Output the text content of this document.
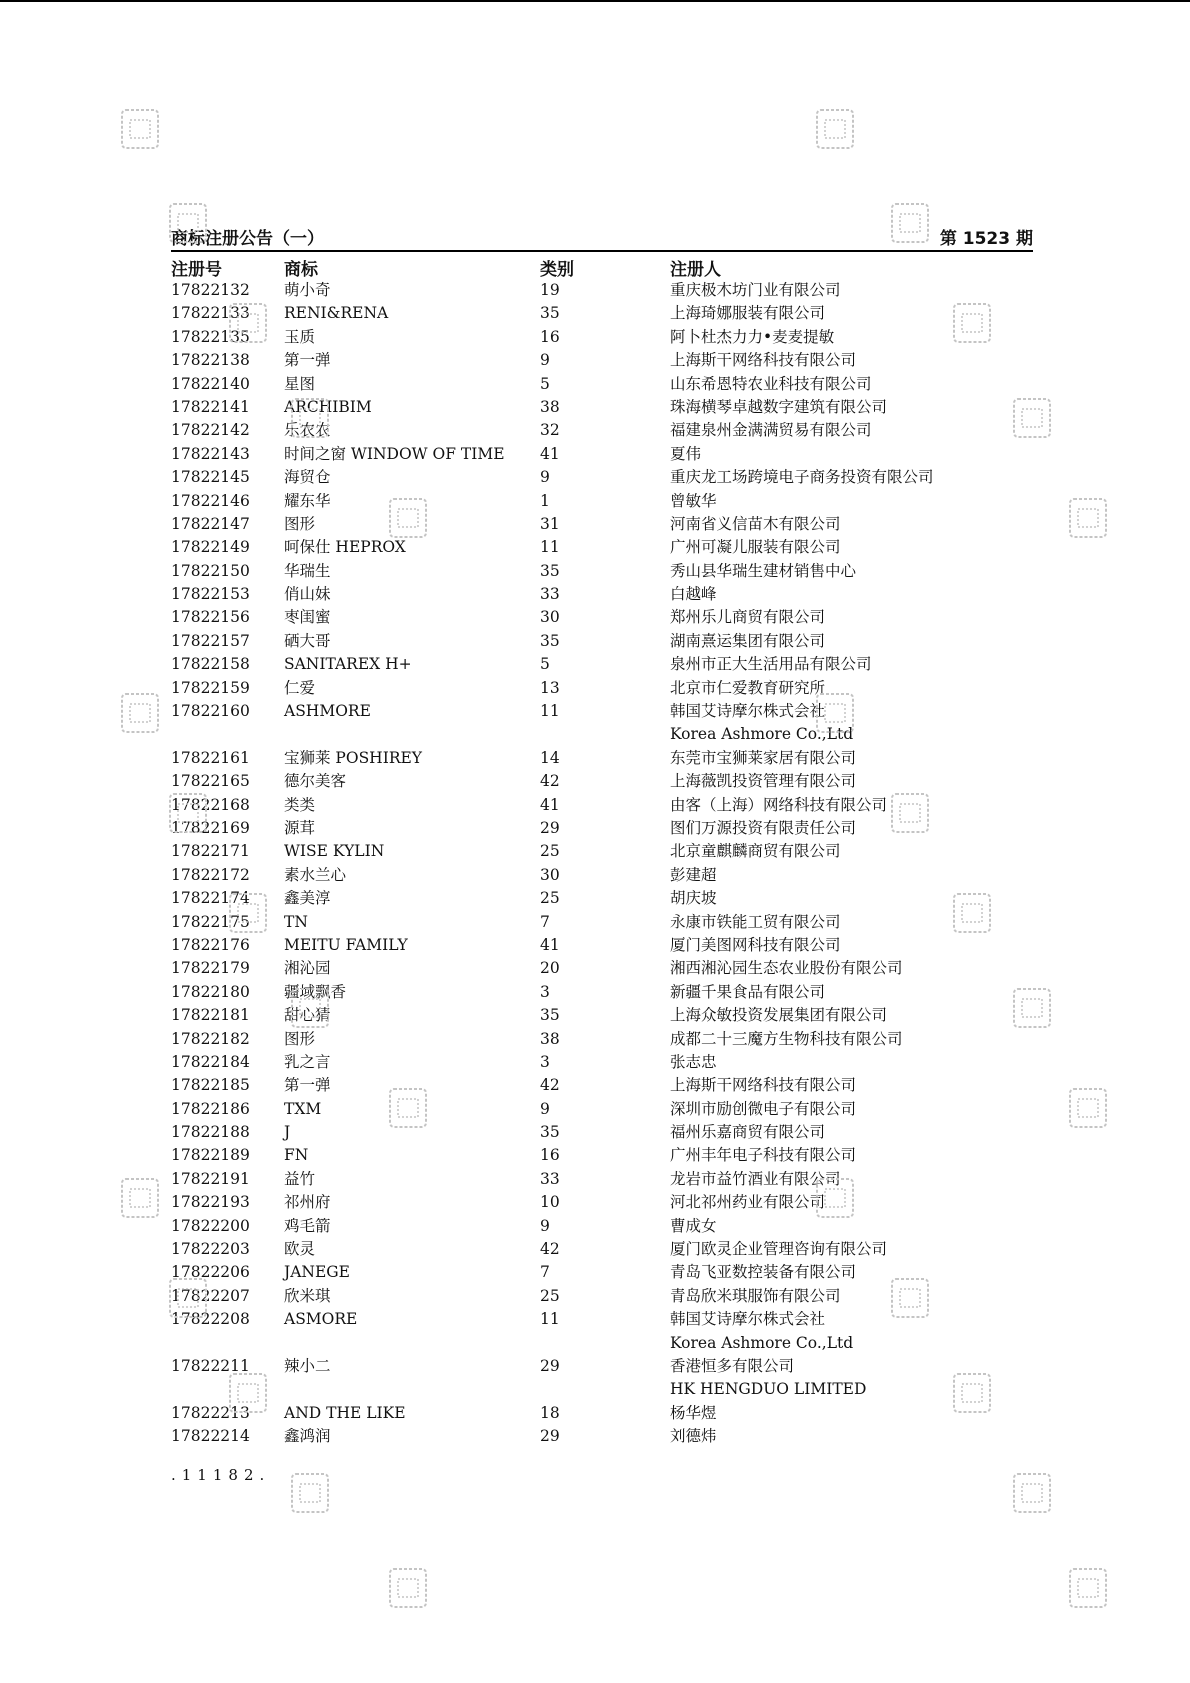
商标注册公告（一）	第 1523 期
注册号	商标	类别	注册人
17822132 萌小奇	19	重庆极木坊门业有限公司
17822133 RENI&RENA	35	上海琦娜服装有限公司
17822135 玉质	16	阿卜杜杰力力•麦麦提敏
17822138 第一弹	9	上海斯干网络科技有限公司
17822140 星图	5	山东希恩特农业科技有限公司
17822141 ARCHIBIM	38	珠海横琴卓越数字建筑有限公司
17822142 乐农农	32	福建泉州金满满贸易有限公司
17822143 时间之窗 WINDOW OF TIME 41	夏伟
17822145 海贸仓	9	重庆龙工场跨境电子商务投资有限公司
17822146 耀东华	1	曾敏华
17822147 图形	31	河南省义信苗木有限公司
17822149 呵保仕 HEPROX	11	广州可凝儿服装有限公司
17822150 华瑞生	35	秀山县华瑞生建材销售中心
17822153 俏山妹	33	白越峰
17822156 枣闺蜜	30	郑州乐儿商贸有限公司
17822157 硒大哥	35	湖南熹运集团有限公司
17822158 SANITAREX H+	5	泉州市正大生活用品有限公司
17822159 仁爱	13	北京市仁爱教育研究所
17822160 ASHMORE	11	韩国艾诗摩尔株式会社
Korea Ashmore Co.,Ltd
17822161 宝狮莱 POSHIREY	14	东莞市宝狮莱家居有限公司
17822165 德尔美客	42	上海薇凯投资管理有限公司
17822168 类类	41	由客（上海）网络科技有限公司
17822169 源茸	29	图们万源投资有限责任公司
17822171 WISE KYLIN	25	北京童麒麟商贸有限公司
17822172 素水兰心	30	彭建超
17822174 鑫美淳	25	胡庆坡
17822175 TN	7	永康市铁能工贸有限公司
17822176 MEITU FAMILY	41	厦门美图网科技有限公司
17822179 湘沁园	20	湘西湘沁园生态农业股份有限公司
17822180 疆域飘香	3	新疆千果食品有限公司
17822181 甜心猜	35	上海众敏投资发展集团有限公司
17822182 图形	38	成都二十三魔方生物科技有限公司
17822184 乳之言	3	张志忠
17822185 第一弹	42	上海斯干网络科技有限公司
17822186 TXM	9	深圳市励创微电子有限公司
17822188 J	35	福州乐嘉商贸有限公司
17822189 FN	16	广州丰年电子科技有限公司
17822191 益竹	33	龙岩市益竹酒业有限公司
17822193 祁州府	10	河北祁州药业有限公司
17822200 鸡毛箭	9	曹成女
17822203 欧灵	42	厦门欧灵企业管理咨询有限公司
17822206 JANEGE	7	青岛飞亚数控装备有限公司
17822207 欣米琪	25	青岛欣米琪服饰有限公司
17822208 ASMORE	11	韩国艾诗摩尔株式会社
Korea Ashmore Co.,Ltd
17822211 辣小二	29	香港恒多有限公司
HK HENGDUO LIMITED
17822213 AND THE LIKE	18	杨华煜
17822214 鑫鸿润	29	刘德炜
.11182.
